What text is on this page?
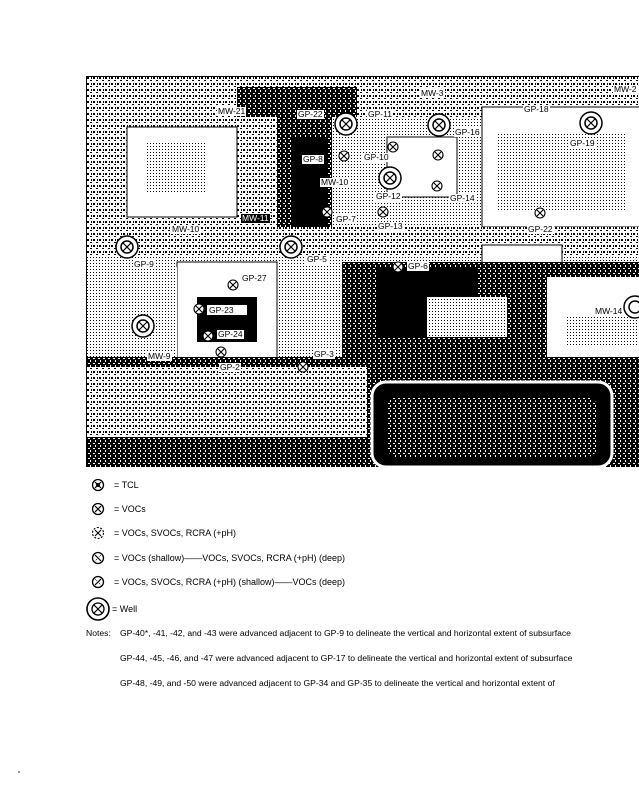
MW-21
MW-3
GP-22	GP-18
MW-2
GP-16
GP-11
GP-19
GP-8	GP-10
MW-10
GP-12	GP-14
GP-7
MW-11
GP-13	GP-22
MW-10
GP-6
GP-5
GP-27
GP-9
GP-23	MW-14
GP-24
GP-3
MW-9
GP-2
= TCL
= VOCs
= VOCs, SVOCs, RCRA (+pH)
= VOCs (shallow)——VOCs, SVOCs, RCRA (+pH) (deep)
= VOCs, SVOCs, RCRA (+pH) (shallow)——VOCs (deep)
= Well
Notes: GP-40*, -41, -42, and -43 were advanced adjacent to GP-9 to delineate the vertical and horizontal extent of subsurface
GP-44, -45, -46, and -47 were advanced adjacent to GP-17 to delineate the vertical and horizontal extent of subsurface
GP-48, -49, and -50 were advanced adjacent to GP-34 and GP-35 to delineate the vertical and horizontal extent of
